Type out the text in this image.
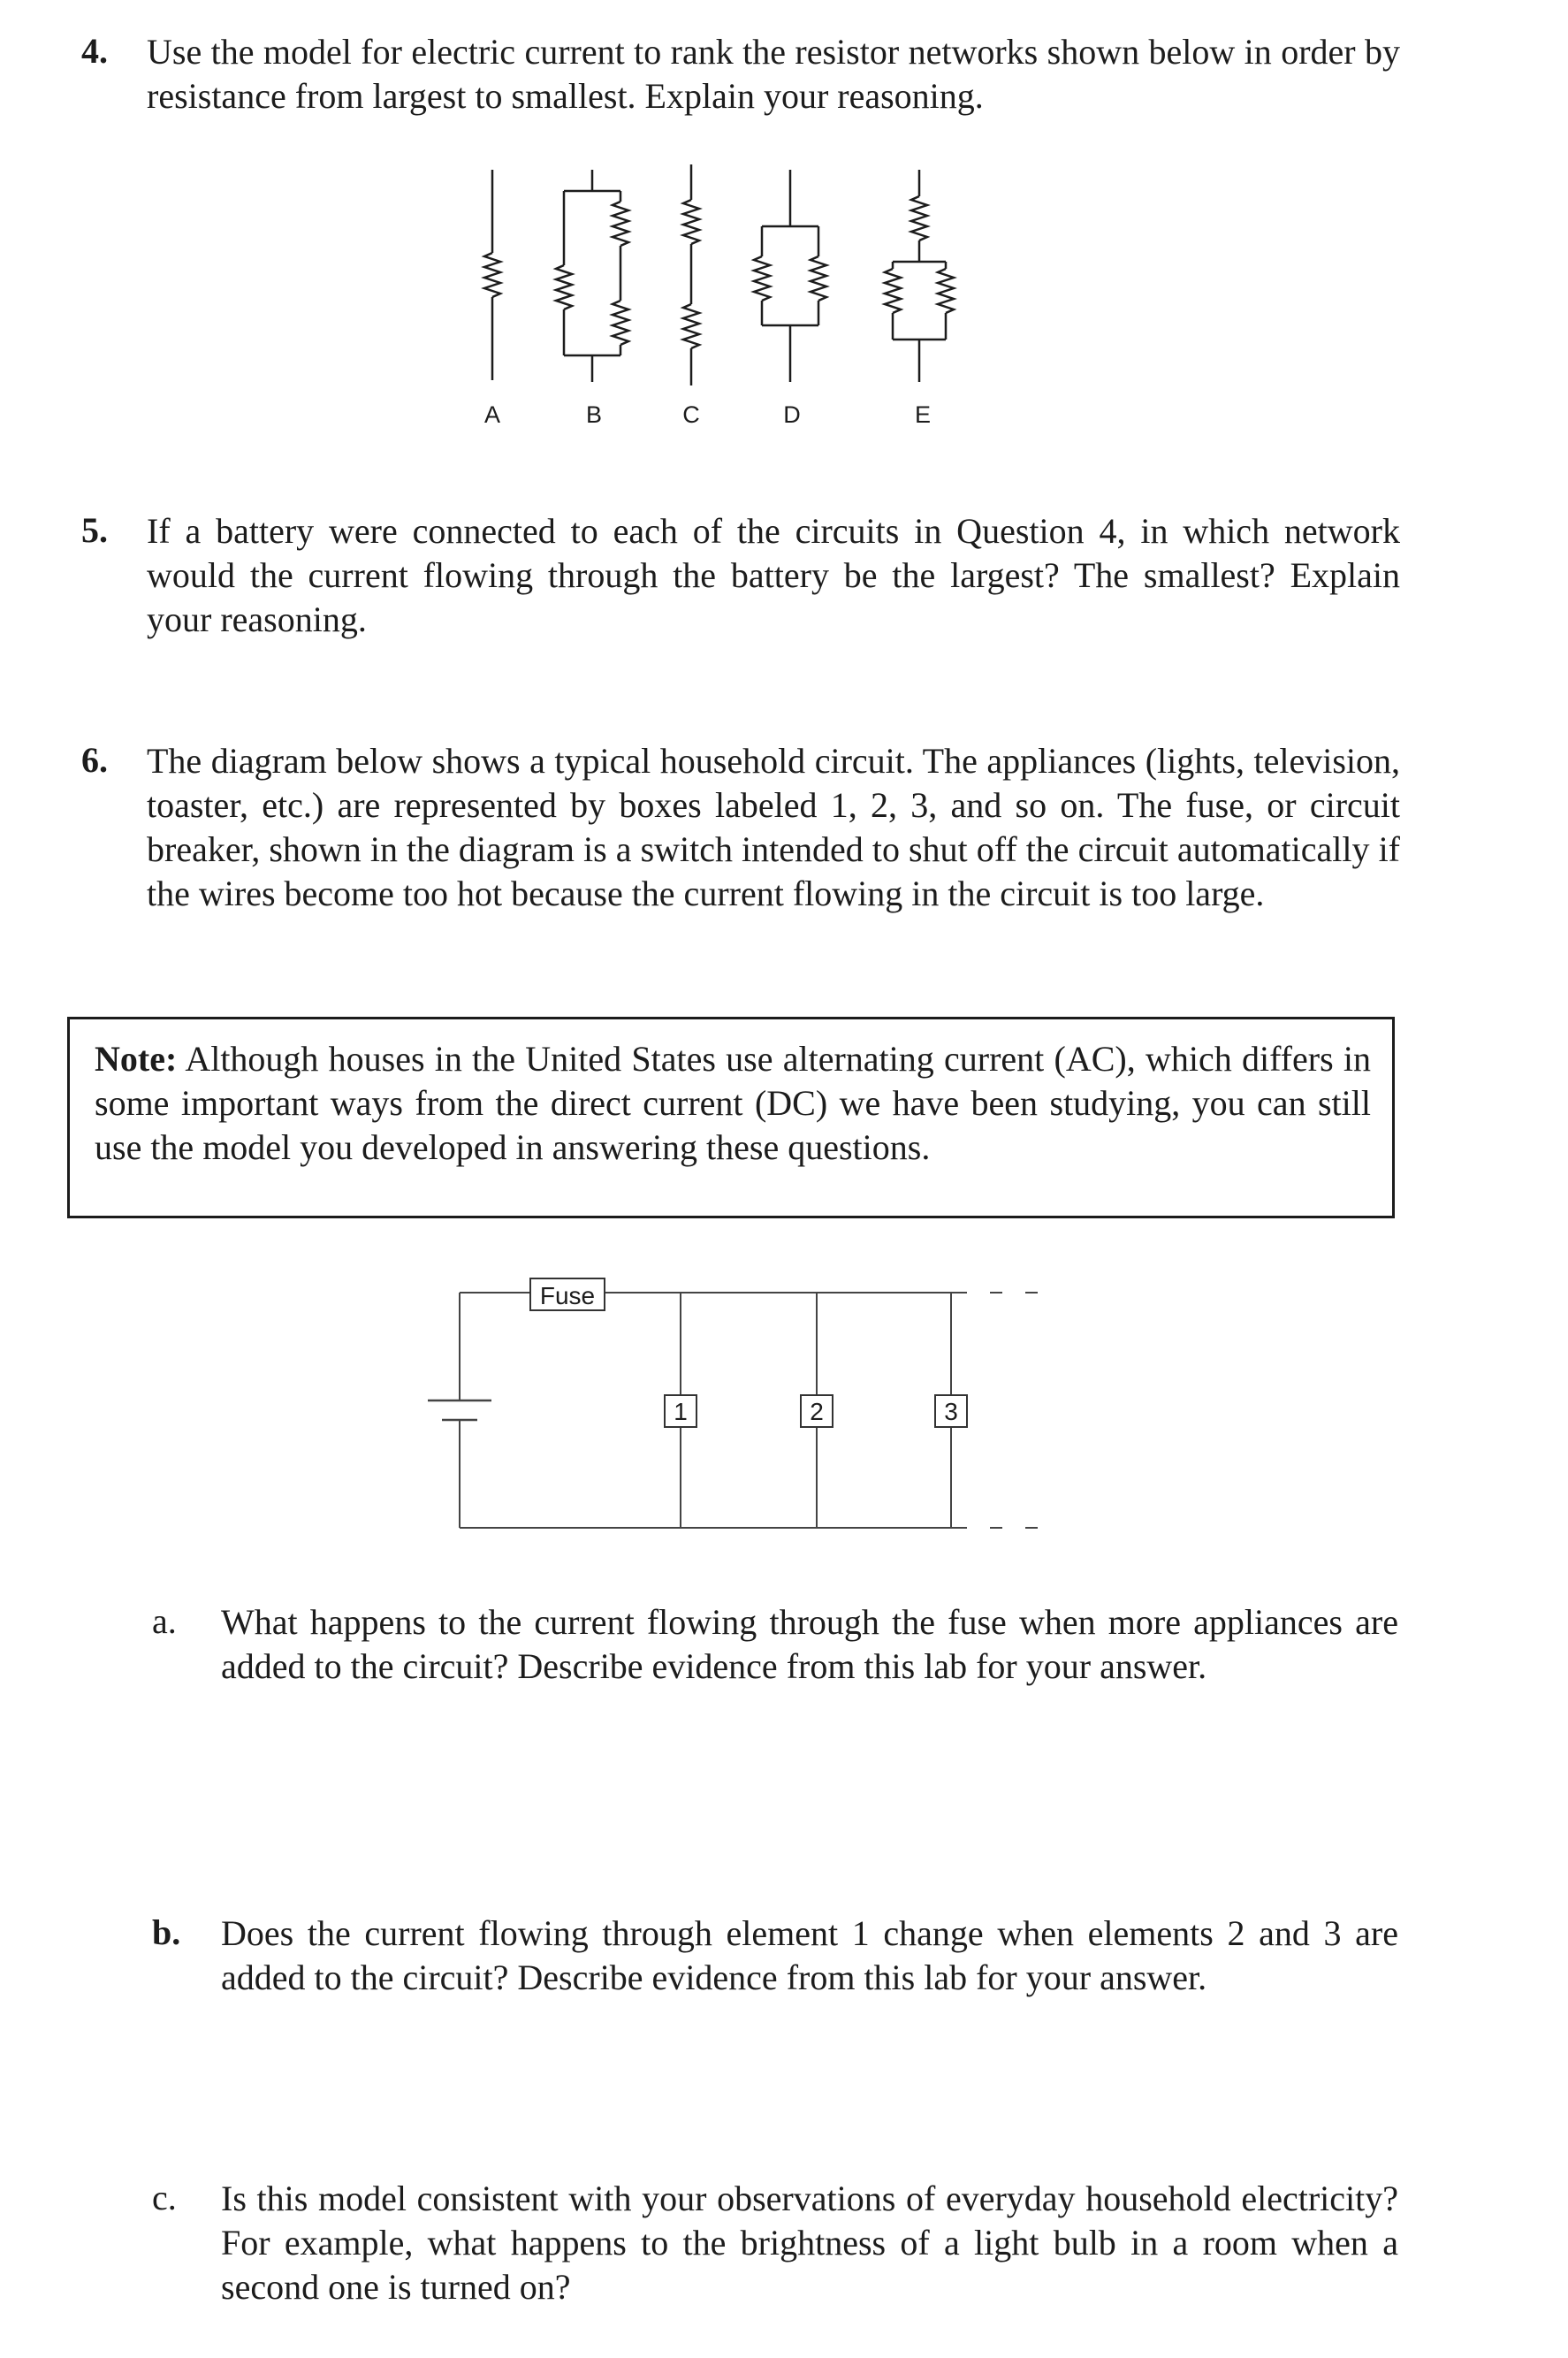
4. Use the model for electric current to rank the resistor networks shown below in order by resistance from largest to smallest. Explain your reasoning.
A	B	C	D	E
5. If a battery were connected to each of the circuits in Question 4, in which network would the current flowing through the battery be the largest? The smallest? Explain your reasoning.
6. The diagram below shows a typical household circuit. The appliances (lights, television, toaster, etc.) are represented by boxes labeled 1, 2, 3, and so on. The fuse, or circuit breaker, shown in the diagram is a switch intended to shut off the circuit automatically if the wires become too hot because the current flowing in the circuit is too large.
Note: Although houses in the United States use alternating current (AC), which differs in some important ways from the direct current (DC) we have been studying, you can still use the model you developed in answering these questions.
Fuse
1	2	3
a. What happens to the current flowing through the fuse when more appliances are added to the circuit? Describe evidence from this lab for your answer.
b. Does the current flowing through element 1 change when elements 2 and 3 are added to the circuit? Describe evidence from this lab for your answer.
c. Is this model consistent with your observations of everyday household electricity? For example, what happens to the brightness of a light bulb in a room when a second one is turned on?
